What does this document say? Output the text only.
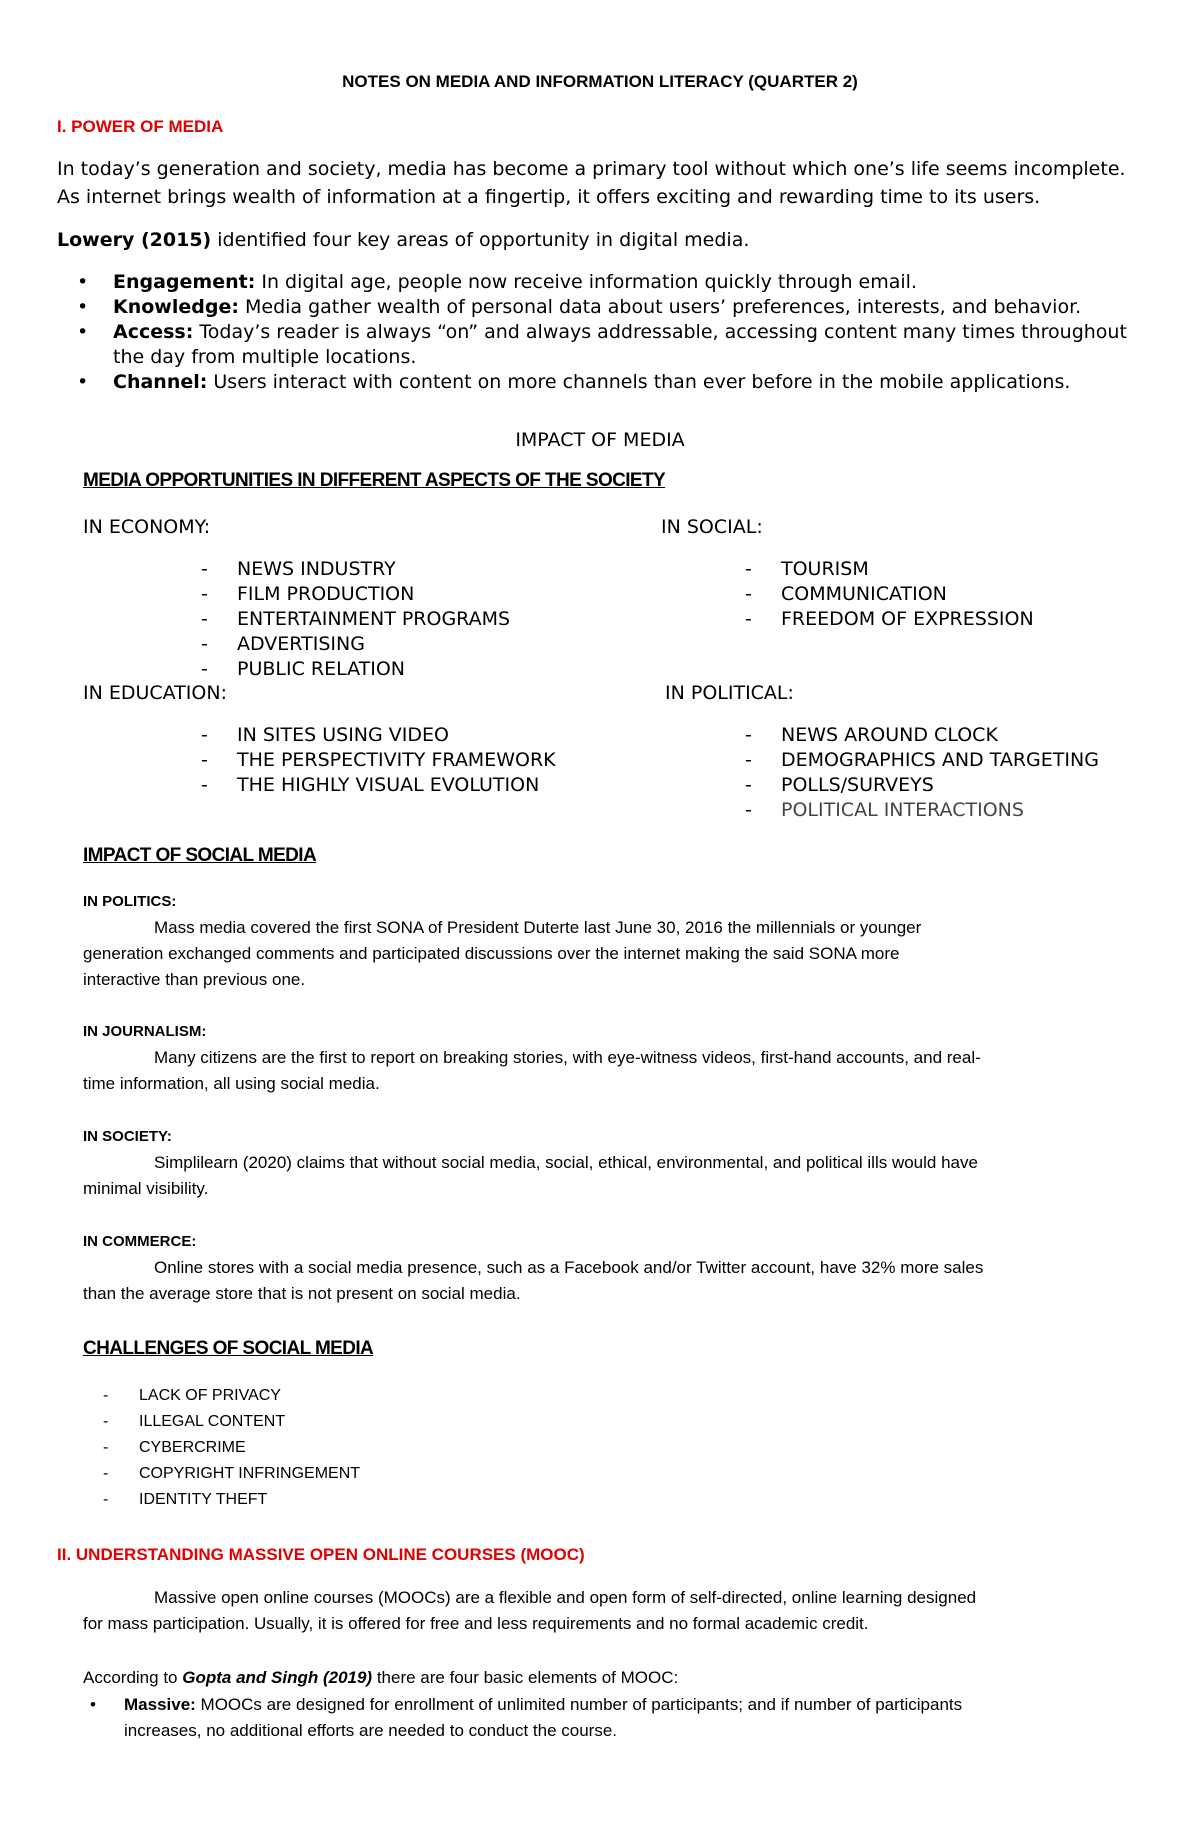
NOTES ON MEDIA AND INFORMATION LITERACY (QUARTER 2)
I. POWER OF MEDIA
In today’s generation and society, media has become a primary tool without which one’s life seems incomplete.
As internet brings wealth of information at a fingertip, it offers exciting and rewarding time to its users.
Lowery (2015) identified four key areas of opportunity in digital media.
• Engagement: In digital age, people now receive information quickly through email.
• Knowledge: Media gather wealth of personal data about users’ preferences, interests, and behavior.
• Access: Today’s reader is always “on” and always addressable, accessing content many times throughout
the day from multiple locations.
• Channel: Users interact with content on more channels than ever before in the mobile applications.
IMPACT OF MEDIA
MEDIA OPPORTUNITIES IN DIFFERENT ASPECTS OF THE SOCIETY
IN ECONOMY:
- NEWS INDUSTRY
- FILM PRODUCTION
- ENTERTAINMENT PROGRAMS
- ADVERTISING
- PUBLIC RELATION
IN SOCIAL:
- TOURISM
- COMMUNICATION
- FREEDOM OF EXPRESSION
IN EDUCATION:
- IN SITES USING VIDEO
- THE PERSPECTIVITY FRAMEWORK
- THE HIGHLY VISUAL EVOLUTION
IN POLITICAL:
- NEWS AROUND CLOCK
- DEMOGRAPHICS AND TARGETING
- POLLS/SURVEYS
- POLITICAL INTERACTIONS
IMPACT OF SOCIAL MEDIA
IN POLITICS:
Mass media covered the first SONA of President Duterte last June 30, 2016 the millennials or younger
generation exchanged comments and participated discussions over the internet making the said SONA more
interactive than previous one.
IN JOURNALISM:
Many citizens are the first to report on breaking stories, with eye-witness videos, first-hand accounts, and real-
time information, all using social media.
IN SOCIETY:
Simplilearn (2020) claims that without social media, social, ethical, environmental, and political ills would have
minimal visibility.
IN COMMERCE:
Online stores with a social media presence, such as a Facebook and/or Twitter account, have 32% more sales
than the average store that is not present on social media.
CHALLENGES OF SOCIAL MEDIA
- LACK OF PRIVACY
- ILLEGAL CONTENT
- CYBERCRIME
- COPYRIGHT INFRINGEMENT
- IDENTITY THEFT
II. UNDERSTANDING MASSIVE OPEN ONLINE COURSES (MOOC)
Massive open online courses (MOOCs) are a flexible and open form of self-directed, online learning designed
for mass participation. Usually, it is offered for free and less requirements and no formal academic credit.
According to Gopta and Singh (2019) there are four basic elements of MOOC:
• Massive: MOOCs are designed for enrollment of unlimited number of participants; and if number of participants
increases, no additional efforts are needed to conduct the course.
